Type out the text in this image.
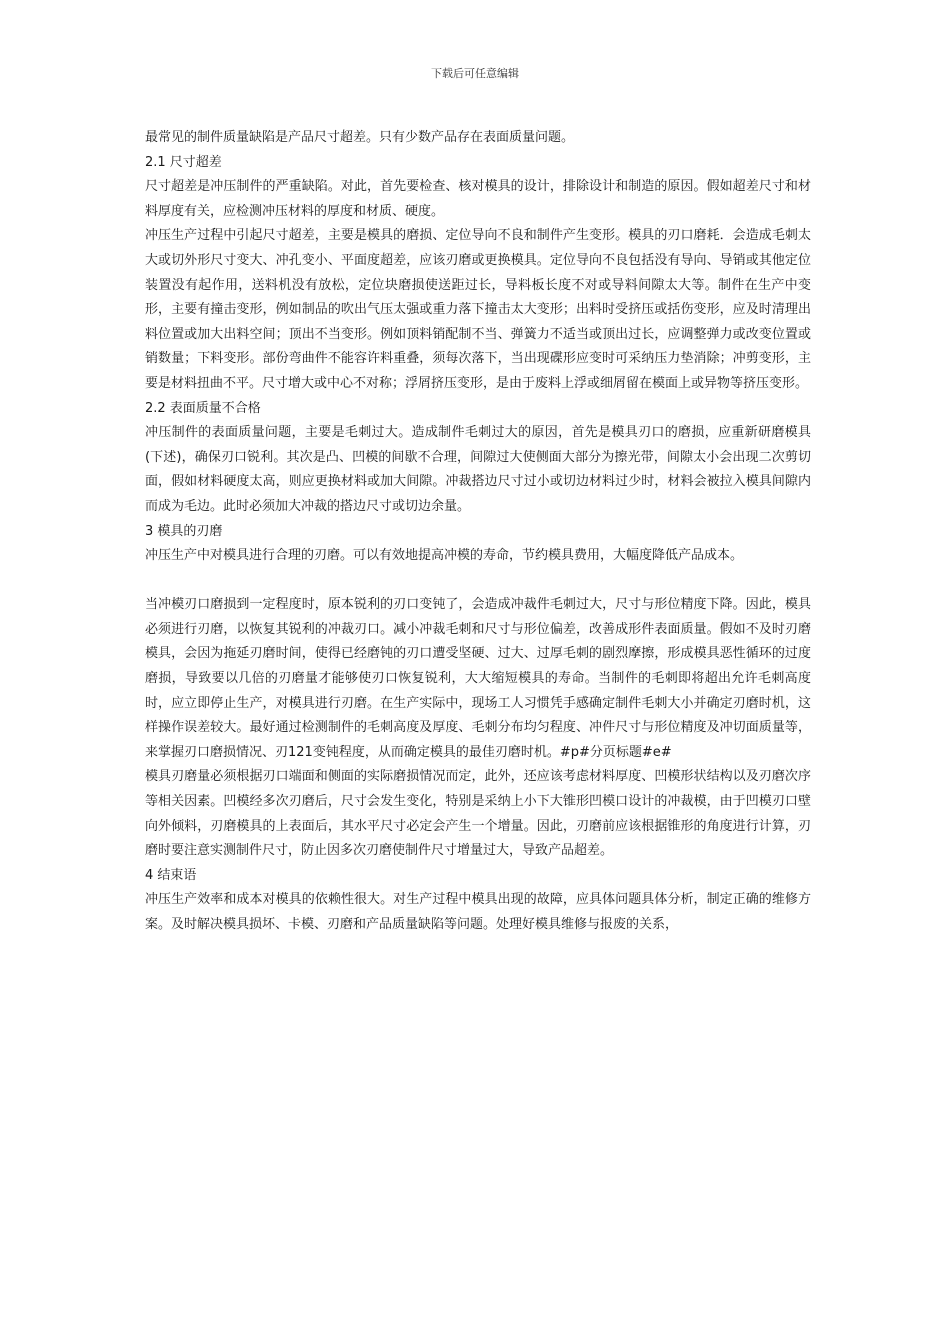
下载后可任意编辑

最常见的制件质量缺陷是产品尺寸超差。只有少数产品存在表面质量问题。

2.1 尺寸超差

尺寸超差是冲压制件的严重缺陷。对此，首先要检查、核对模具的设计，排除设计和制造的原因。假如超差尺寸和材料厚度有关，应检测冲压材料的厚度和材质、硬度。

冲压生产过程中引起尺寸超差，主要是模具的磨损、定位导向不良和制件产生变形。模具的刃口磨耗．会造成毛刺太大或切外形尺寸变大、冲孔变小、平面度超差，应该刃磨或更换模具。定位导向不良包括没有导向、导销或其他定位装置没有起作用，送料机没有放松，定位块磨损使送距过长，导料板长度不对或导料间隙太大等。制件在生产中变形，主要有撞击变形，例如制品的吹出气压太强或重力落下撞击太大变形；出料时受挤压或括伤变形，应及时清理出料位置或加大出料空间；顶出不当变形。例如顶料销配制不当、弹簧力不适当或顶出过长，应调整弹力或改变位置或销数量；下料变形。部份弯曲件不能容许料重叠，须每次落下，当出现碟形应变时可采纳压力垫消除；冲剪变形，主要是材料扭曲不平。尺寸增大或中心不对称；浮屑挤压变形，是由于废料上浮或细屑留在模面上或异物等挤压变形。

2.2 表面质量不合格

冲压制件的表面质量问题，主要是毛刺过大。造成制件毛刺过大的原因，首先是模具刃口的磨损，应重新研磨模具(下述)，确保刃口锐利。其次是凸、凹模的间歇不合理，间隙过大使侧面大部分为擦光带，间隙太小会出现二次剪切面，假如材料硬度太高，则应更换材料或加大间隙。冲裁搭边尺寸过小或切边材料过少时，材料会被拉入模具间隙内而成为毛边。此时必须加大冲裁的搭边尺寸或切边余量。

3 模具的刃磨

冲压生产中对模具进行合理的刃磨。可以有效地提高冲模的寿命，节约模具费用，大幅度降低产品成本。

当冲模刃口磨损到一定程度时，原本锐利的刃口变钝了，会造成冲裁件毛刺过大，尺寸与形位精度下降。因此，模具必须进行刃磨，以恢复其锐利的冲裁刃口。减小冲裁毛刺和尺寸与形位偏差，改善成形件表面质量。假如不及时刃磨模具，会因为拖延刃磨时间，使得已经磨钝的刃口遭受坚硬、过大、过厚毛刺的剧烈摩擦，形成模具恶性循环的过度磨损，导致要以几倍的刃磨量才能够使刃口恢复锐利，大大缩短模具的寿命。当制件的毛刺即将超出允许毛刺高度时，应立即停止生产，对模具进行刃磨。在生产实际中，现场工人习惯凭手感确定制件毛刺大小并确定刃磨时机，这样操作误差较大。最好通过检测制件的毛刺高度及厚度、毛刺分布均匀程度、冲件尺寸与形位精度及冲切面质量等，来掌握刃口磨损情况、刃121变钝程度，从而确定模具的最佳刃磨时机。#p#分页标题#e#

模具刃磨量必须根据刃口端面和侧面的实际磨损情况而定，此外，还应该考虑材料厚度、凹模形状结构以及刃磨次序等相关因素。凹模经多次刃磨后，尺寸会发生变化，特别是采纳上小下大锥形凹模口设计的冲裁模，由于凹模刃口壁向外倾料，刃磨模具的上表面后，其水平尺寸必定会产生一个增量。因此，刃磨前应该根据锥形的角度进行计算，刃磨时要注意实测制件尺寸，防止因多次刃磨使制件尺寸增量过大，导致产品超差。

4 结束语

冲压生产效率和成本对模具的依赖性很大。对生产过程中模具出现的故障，应具体问题具体分析，制定正确的维修方案。及时解决模具损坏、卡模、刃磨和产品质量缺陷等问题。处理好模具维修与报废的关系，
